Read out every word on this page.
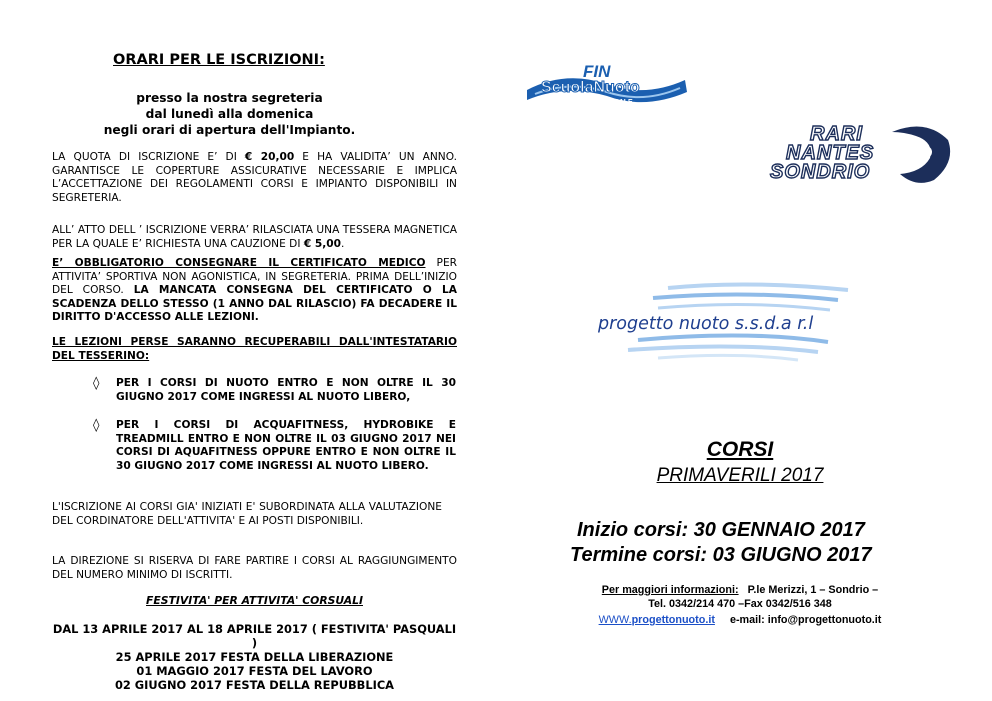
ORARI PER LE ISCRIZIONI:
presso la nostra segreteria
dal lunedì alla domenica
negli orari di apertura dell'Impianto.
LA QUOTA DI ISCRIZIONE E’ DI € 20,00 E HA VALIDITA’ UN ANNO. GARANTISCE LE COPERTURE ASSICURATIVE NECESSARIE E IMPLICA L’ACCETTAZIONE DEI REGOLAMENTI CORSI E IMPIANTO DISPONIBILI IN SEGRETERIA.
ALL’ ATTO DELL ’ ISCRIZIONE VERRA’ RILASCIATA UNA TESSERA MAGNETICA PER LA QUALE E’ RICHIESTA UNA CAUZIONE DI € 5,00.
E’ OBBLIGATORIO CONSEGNARE IL CERTIFICATO MEDICO PER ATTIVITA’ SPORTIVA NON AGONISTICA, IN SEGRETERIA. PRIMA DELL’INIZIO DEL CORSO. LA MANCATA CONSEGNA DEL CERTIFICATO O LA SCADENZA DELLO STESSO (1 ANNO DAL RILASCIO) FA DECADERE IL DIRITTO D'ACCESSO ALLE LEZIONI.
LE LEZIONI PERSE SARANNO RECUPERABILI DALL'INTESTATARIO DEL TESSERINO:
◊ PER I CORSI DI NUOTO ENTRO E NON OLTRE IL 30 GIUGNO 2017 COME INGRESSI AL NUOTO LIBERO,
◊ PER I CORSI DI ACQUAFITNESS, HYDROBIKE E TREADMILL ENTRO E NON OLTRE IL 03 GIUGNO 2017 NEI CORSI DI AQUAFITNESS OPPURE ENTRO E NON OLTRE IL 30 GIUGNO 2017 COME INGRESSI AL NUOTO LIBERO.
L'ISCRIZIONE AI CORSI GIA' INIZIATI E' SUBORDINATA ALLA VALUTAZIONE DEL CORDINATORE DELL'ATTIVITA' E AI POSTI DISPONIBILI.
LA DIREZIONE SI RISERVA DI FARE PARTIRE I CORSI AL RAGGIUNGIMENTO DEL NUMERO MINIMO DI ISCRITTI.
FESTIVITA' PER ATTIVITA' CORSUALI
DAL 13 APRILE 2017 AL 18 APRILE 2017 ( FESTIVITA' PASQUALI )
25 APRILE 2017 FESTA DELLA LIBERAZIONE
01 MAGGIO 2017 FESTA DEL LAVORO
02 GIUGNO 2017 FESTA DELLA REPUBBLICA
FIN
ScuolaNuoto
FEDERALE
RARI
NANTES
SONDRIO
progetto nuoto s.s.d.a r.l
CORSI
PRIMAVERILI 2017
Inizio corsi: 30 GENNAIO 2017
Termine corsi: 03 GIUGNO 2017
Per maggiori informazioni: P.le Merizzi, 1 – Sondrio –
Tel. 0342/214 470 –Fax 0342/516 348
WWW.progettonuoto.it e-mail: info@progettonuoto.it
